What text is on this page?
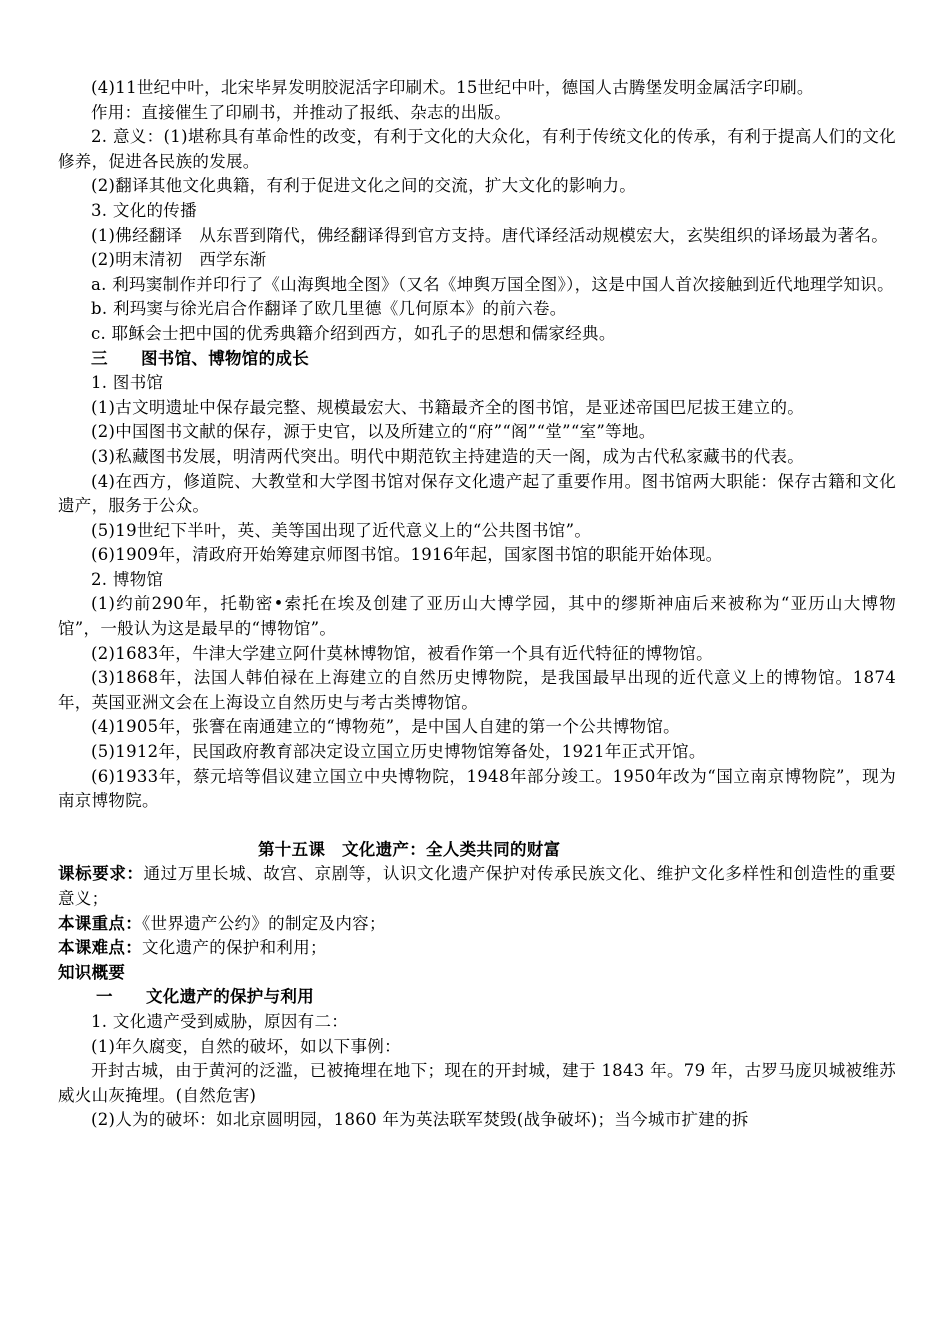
(4)11世纪中叶，北宋毕昇发明胶泥活字印刷术。15世纪中叶，德国人古腾堡发明金属活字印刷。

作用：直接催生了印刷书，并推动了报纸、杂志的出版。

2. 意义：(1)堪称具有革命性的改变，有利于文化的大众化，有利于传统文化的传承，有利于提高人们的文化修养，促进各民族的发展。

(2)翻译其他文化典籍，有利于促进文化之间的交流，扩大文化的影响力。

3. 文化的传播

(1)佛经翻译　从东晋到隋代，佛经翻译得到官方支持。唐代译经活动规模宏大，玄奘组织的译场最为著名。

(2)明末清初　西学东渐

a. 利玛窦制作并印行了《山海舆地全图》（又名《坤舆万国全图》），这是中国人首次接触到近代地理学知识。

b. 利玛窦与徐光启合作翻译了欧几里德《几何原本》的前六卷。

c. 耶稣会士把中国的优秀典籍介绍到西方，如孔子的思想和儒家经典。

三 图书馆、博物馆的成长

1. 图书馆

(1)古文明遗址中保存最完整、规模最宏大、书籍最齐全的图书馆，是亚述帝国巴尼拔王建立的。

(2)中国图书文献的保存，源于史官，以及所建立的“府”“阁”“堂”“室”等地。

(3)私藏图书发展，明清两代突出。明代中期范钦主持建造的天一阁，成为古代私家藏书的代表。

(4)在西方，修道院、大教堂和大学图书馆对保存文化遗产起了重要作用。图书馆两大职能：保存古籍和文化遗产，服务于公众。

(5)19世纪下半叶，英、美等国出现了近代意义上的“公共图书馆”。

(6)1909年，清政府开始筹建京师图书馆。1916年起，国家图书馆的职能开始体现。

2. 博物馆

(1)约前290年，托勒密•索托在埃及创建了亚历山大博学园，其中的缪斯神庙后来被称为“亚历山大博物馆”，一般认为这是最早的“博物馆”。

(2)1683年，牛津大学建立阿什莫林博物馆，被看作第一个具有近代特征的博物馆。

(3)1868年，法国人韩伯禄在上海建立的自然历史博物院，是我国最早出现的近代意义上的博物馆。1874年，英国亚洲文会在上海设立自然历史与考古类博物馆。

(4)1905年，张謇在南通建立的“博物苑”，是中国人自建的第一个公共博物馆。

(5)1912年，民国政府教育部决定设立国立历史博物馆筹备处，1921年正式开馆。

(6)1933年，蔡元培等倡议建立国立中央博物院，1948年部分竣工。1950年改为“国立南京博物院”，现为南京博物院。

第十五课　文化遗产：全人类共同的财富

课标要求：通过万里长城、故宫、京剧等，认识文化遗产保护对传承民族文化、维护文化多样性和创造性的重要意义；

本课重点：《世界遗产公约》的制定及内容；

本课难点：文化遗产的保护和利用；

知识概要

一 文化遗产的保护与利用

1. 文化遗产受到威胁，原因有二：

(1)年久腐变，自然的破坏，如以下事例：

开封古城，由于黄河的泛滥，已被掩埋在地下；现在的开封城，建于 1843 年。79 年，古罗马庞贝城被维苏威火山灰掩埋。(自然危害)

(2)人为的破坏：如北京圆明园，1860 年为英法联军焚毁(战争破坏)；当今城市扩建的拆
